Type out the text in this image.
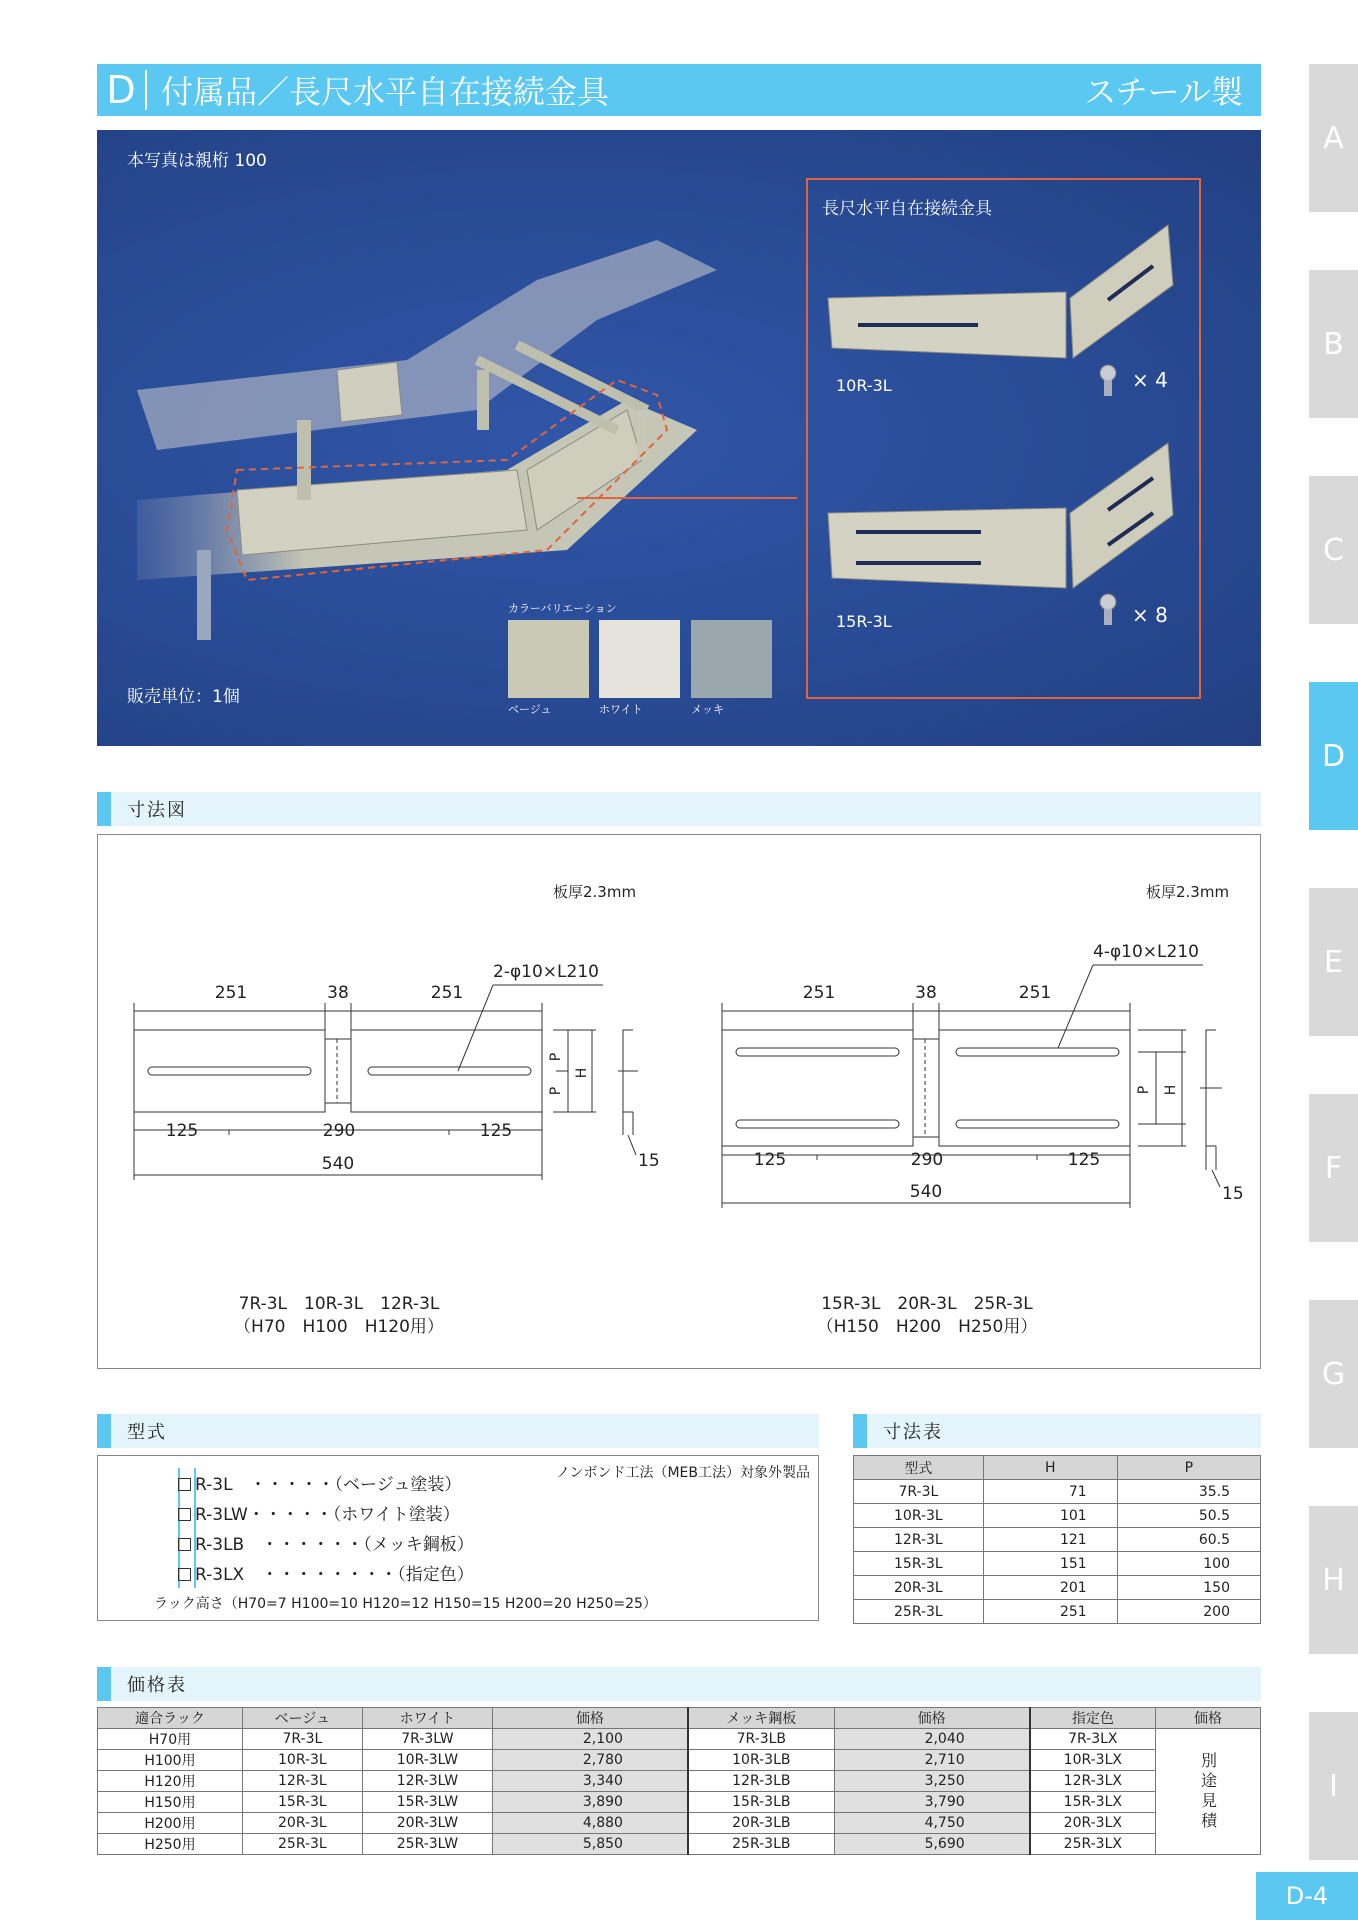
A
B
C
D
E
F
G
H
I
D-4
D 付属品／長尺水平自在接続金具	スチール製
本写真は親桁 100
カラーバリエーション
ベージュ	ホワイト	メッキ
販売単位：1個
長尺水平自在接続金具
10R-3L	× 4
15R-3L	× 8
寸法図
板厚2.3mm	板厚2.3mm
2-φ10×L210
4-φ10×L210
251	38	251
125	290	125
540	15
P
P
H
251	38	251
125	290	125
540	15
P H
7R-3L　10R-3L　12R-3L
（H70　H100　H120用）
15R-3L　20R-3L　25R-3L
（H150　H200　H250用）
型式
ノンボンド工法（MEB工法）対象外製品
R-3L　・・・・・（ベージュ塗装）
R-3LW・・・・・（ホワイト塗装）
R-3LB　・・・・・・（メッキ鋼板）
R-3LX　・・・・・・・・（指定色）
ラック高さ（H70=7 H100=10 H120=12 H150=15 H200=20 H250=25）
寸法表
型式	H	P
7R-3L	71	35.5
10R-3L	101	50.5
12R-3L	121	60.5
15R-3L	151	100
20R-3L	201	150
25R-3L	251	200
価格表
適合ラック	ベージュ	ホワイト	価格	メッキ鋼板	価格	指定色	価格
H70用	7R-3L	7R-3LW	2,100	7R-3LB	2,040	7R-3LX	別途見積
H100用	10R-3L	10R-3LW	2,780	10R-3LB	2,710	10R-3LX	
H120用	12R-3L	12R-3LW	3,340	12R-3LB	3,250	12R-3LX	
H150用	15R-3L	15R-3LW	3,890	15R-3LB	3,790	15R-3LX	
H200用	20R-3L	20R-3LW	4,880	20R-3LB	4,750	20R-3LX	
H250用	25R-3L	25R-3LW	5,850	25R-3LB	5,690	25R-3LX	
